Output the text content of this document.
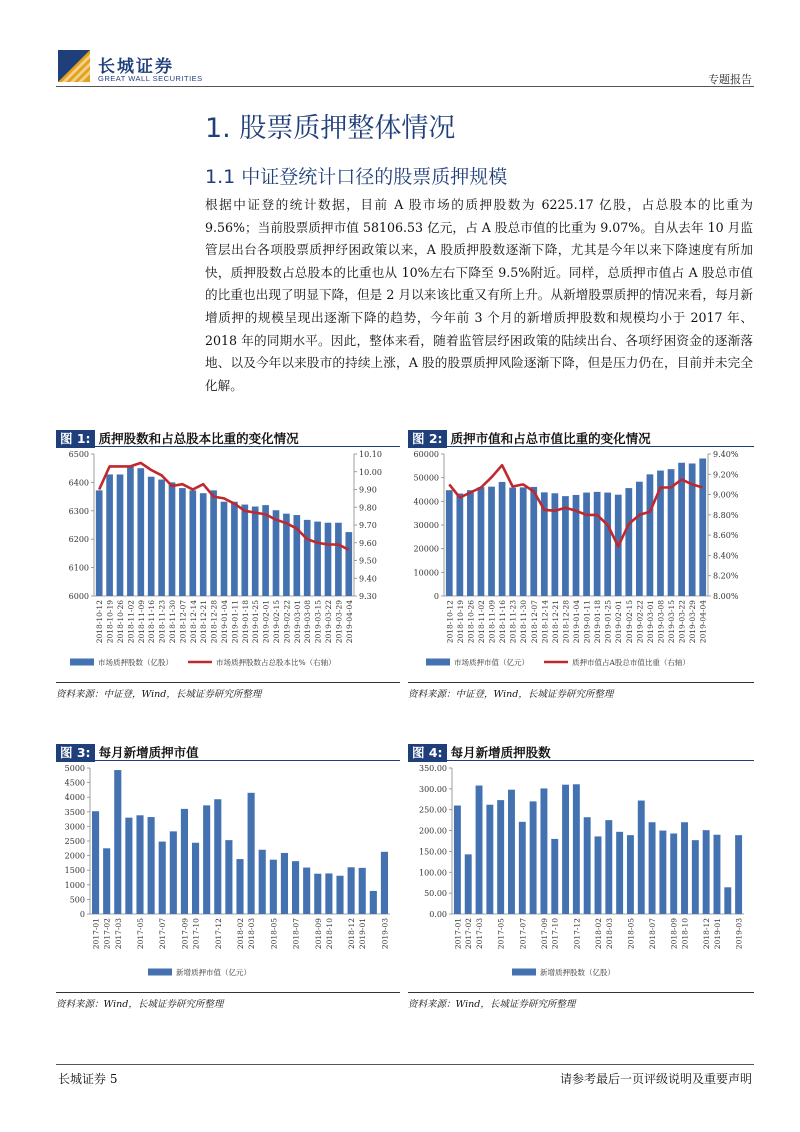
长城证券
GREAT WALL SECURITIES	专题报告
1. 股票质押整体情况
1.1 中证登统计口径的股票质押规模
根据中证登的统计数据，目前 A 股市场的质押股数为 6225.17 亿股，占总股本的比重为 9.56%；当前股票质押市值 58106.53 亿元，占 A 股总市值的比重为 9.07%。自从去年 10 月监管层出台各项股票质押纾困政策以来，A 股质押股数逐渐下降，尤其是今年以来下降速度有所加快，质押股数占总股本的比重也从 10%左右下降至 9.5%附近。同样，总质押市值占 A 股总市值的比重也出现了明显下降，但是 2 月以来该比重又有所上升。从新增股票质押的情况来看，每月新增质押的规模呈现出逐渐下降的趋势，今年前 3 个月的新增质押股数和规模均小于 2017 年、2018 年的同期水平。因此，整体来看，随着监管层纾困政策的陆续出台、各项纾困资金的逐渐落地、以及今年以来股市的持续上涨，A 股的股票质押风险逐渐下降，但是压力仍在，目前并未完全化解。
图 1: 质押股数和占总股本比重的变化情况
6000
6100
6200
6300
6400
6500
9.30
9.40
9.50
9.60
9.70
9.80
9.90
10.00
10.10
2018-10-12 2018-10-19 2018-10-26 2018-11-02 2018-11-09 2018-11-16 2018-11-23 2018-11-30 2018-12-07 2018-12-14 2018-12-21 2018-12-28 2019-01-04 2019-01-11 2019-01-18 2019-01-25 2019-02-01 2019-02-15 2019-02-22 2019-03-01 2019-03-08 2019-03-15 2019-03-22 2019-03-29 2019-04-04
市场质押股数（亿股）	市场质押股数占总股本比%（右轴）
资料来源：中证登，Wind，长城证券研究所整理
图 2: 质押市值和占总市值比重的变化情况
0
10000
20000
30000
40000
50000
60000
8.00%
8.20%
8.40%
8.60%
8.80%
9.00%
9.20%
9.40%
2018-10-12 2018-10-19 2018-10-26 2018-11-02 2018-11-09 2018-11-16 2018-11-23 2018-11-30 2018-12-07 2018-12-14 2018-12-21 2018-12-28 2019-01-04 2019-01-11 2019-01-18 2019-01-25 2019-02-01 2019-02-15 2019-02-22 2019-03-01 2019-03-08 2019-03-15 2019-03-22 2019-03-29 2019-04-04
市场质押市值（亿元）	质押市值占A股总市值比重（右轴）
资料来源：中证登，Wind，长城证券研究所整理
图 3: 每月新增质押市值
0
500
1000
1500
2000
2500
3000
3500
4000
4500
5000
2017-01 2017-02 2017-03 2017-05 2017-07 2017-09 2017-10 2017-12 2018-02 2018-03 2018-05 2018-07 2018-09 2018-10 2018-12 2019-01 2019-03
新增质押市值（亿元）
资料来源：Wind，长城证券研究所整理
图 4: 每月新增质押股数
0.00
50.00
100.00
150.00
200.00
250.00
300.00
350.00
2017-01 2017-02 2017-03 2017-05 2017-07 2017-09 2017-10 2017-12 2018-02 2018-03 2018-05 2018-07 2018-09 2018-10 2018-12 2019-01 2019-03
新增质押股数（亿股）
资料来源：Wind，长城证券研究所整理
长城证券 5	请参考最后一页评级说明及重要声明
